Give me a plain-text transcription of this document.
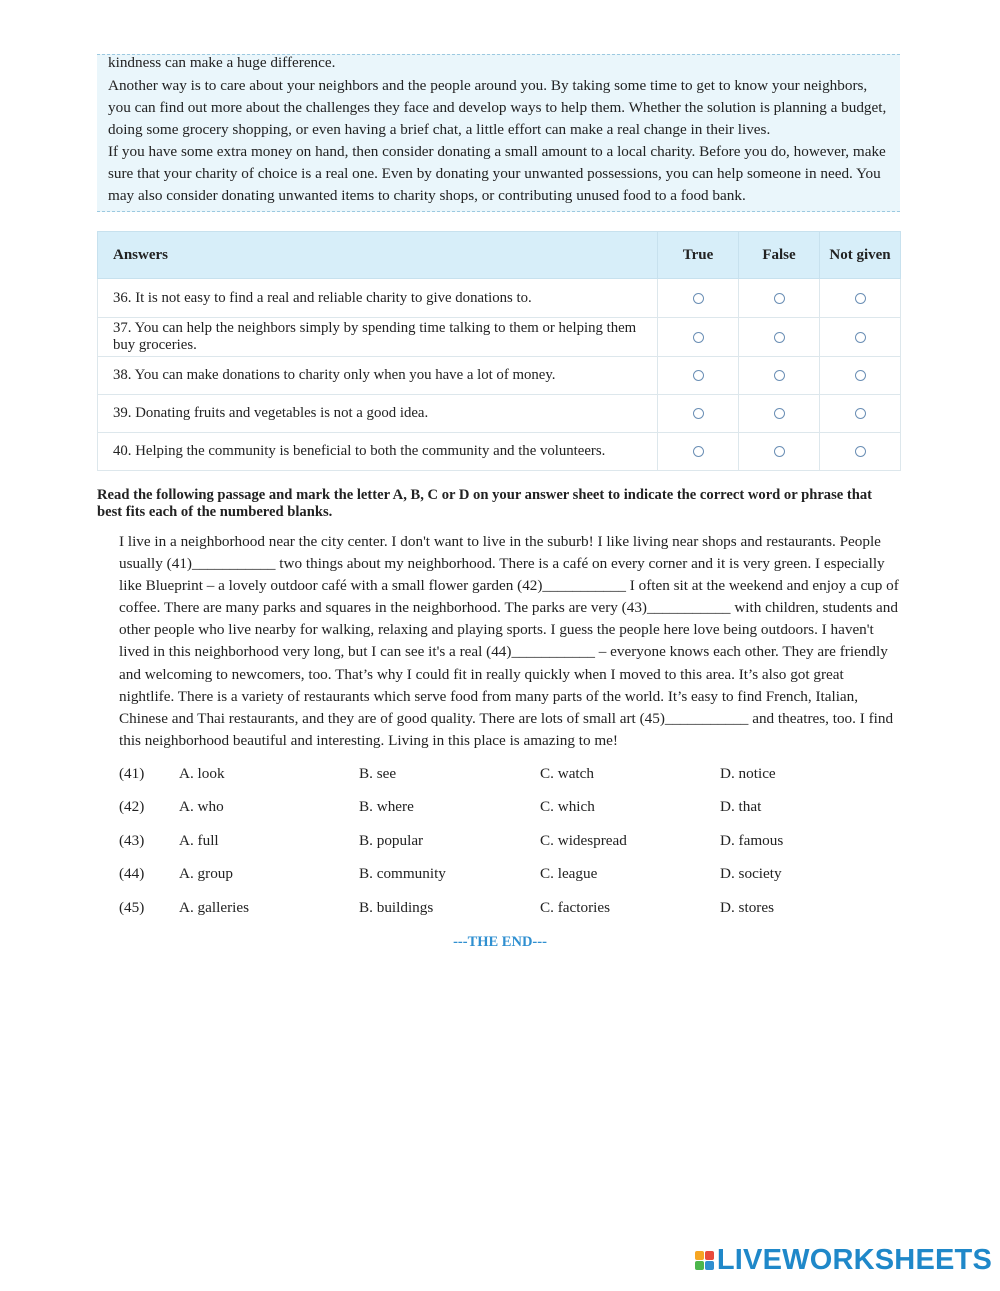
kindness can make a huge difference.

Another way is to care about your neighbors and the people around you. By taking some time to get to know your neighbors, you can find out more about the challenges they face and develop ways to help them. Whether the solution is planning a budget, doing some grocery shopping, or even having a brief chat, a little effort can make a real change in their lives.

If you have some extra money on hand, then consider donating a small amount to a local charity. Before you do, however, make sure that your charity of choice is a real one. Even by donating your unwanted possessions, you can help someone in need. You may also consider donating unwanted items to charity shops, or contributing unused food to a food bank.

Answers	True	False	Not given
36. It is not easy to find a real and reliable charity to give donations to.			
37. You can help the neighbors simply by spending time talking to them or helping them buy groceries.			
38. You can make donations to charity only when you have a lot of money.			
39. Donating fruits and vegetables is not a good idea.			
40. Helping the community is beneficial to both the community and the volunteers.			
Read the following passage and mark the letter A, B, C or D on your answer sheet to indicate the correct word or phrase that best fits each of the numbered blanks.

I live in a neighborhood near the city center. I don't want to live in the suburb! I like living near shops and restaurants. People usually (41)___________ two things about my neighborhood. There is a café on every corner and it is very green. I especially like Blueprint – a lovely outdoor café with a small flower garden (42)___________ I often sit at the weekend and enjoy a cup of coffee. There are many parks and squares in the neighborhood. The parks are very (43)___________ with children, students and other people who live nearby for walking, relaxing and playing sports. I guess the people here love being outdoors. I haven't lived in this neighborhood very long, but I can see it's a real (44)___________ – everyone knows each other. They are friendly and welcoming to newcomers, too. That’s why I could fit in really quickly when I moved to this area. It’s also got great nightlife. There is a variety of restaurants which serve food from many parts of the world. It’s easy to find French, Italian, Chinese and Thai restaurants, and they are of good quality. There are lots of small art (45)___________ and theatres, too. I find this neighborhood beautiful and interesting. Living in this place is amazing to me!

(41) A. look	B. see	C. watch	D. notice
(42) A. who	B. where	C. which	D. that
(43) A. full	B. popular	C. widespread	D. famous
(44) A. group	B. community	C. league	D. society
(45) A. galleries	B. buildings	C. factories	D. stores
---THE END---
LIVEWORKSHEETS
